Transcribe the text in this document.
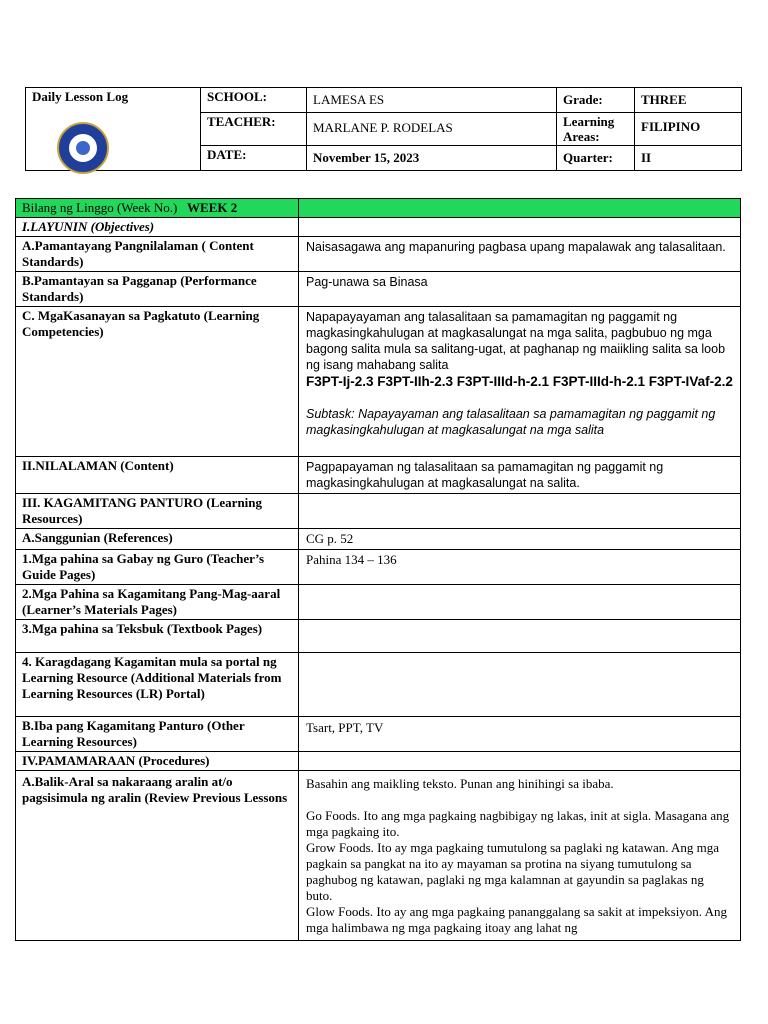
Daily Lesson Log	SCHOOL:	LAMESA ES	Grade:	THREE
	TEACHER:	MARLANE P. RODELAS	Learning Areas:	FILIPINO
	DATE:	November 15, 2023	Quarter:	II
Bilang ng Linggo (Week No.) WEEK 2	
I.LAYUNIN (Objectives)	
A.Pamantayang Pangnilalaman ( Content Standards)	Naisasagawa ang mapanuring pagbasa upang mapalawak ang talasalitaan.
B.Pamantayan sa Pagganap (Performance Standards)	Pag-unawa sa Binasa
C. MgaKasanayan sa Pagkatuto (Learning Competencies)	Napapayayaman ang talasalitaan sa pamamagitan ng paggamit ng magkasingkahulugan at magkasalungat na mga salita, pagbubuo ng mga bagong salita mula sa salitang-ugat, at paghanap ng maiikling salita sa loob ng isang mahabang salita
F3PT-Ij-2.3 F3PT-IIh-2.3 F3PT-IIId-h-2.1 F3PT-IIId-h-2.1 F3PT-IVaf-2.2
Subtask: Napayayaman ang talasalitaan sa pamamagitan ng paggamit ng magkasingkahulugan at magkasalungat na mga salita

II.NILALAMAN (Content)	Pagpapayaman ng talasalitaan sa pamamagitan ng paggamit ng magkasingkahulugan at magkasalungat na salita.
III. KAGAMITANG PANTURO (Learning Resources)	
A.Sanggunian (References)	CG p. 52
1.Mga pahina sa Gabay ng Guro (Teacher’s Guide Pages)	Pahina 134 – 136
2.Mga Pahina sa Kagamitang Pang-Mag-aaral (Learner’s Materials Pages)	
3.Mga pahina sa Teksbuk (Textbook Pages)	
4. Karagdagang Kagamitan mula sa portal ng Learning Resource (Additional Materials from Learning Resources (LR) Portal)	
B.Iba pang Kagamitang Panturo (Other Learning Resources)	Tsart, PPT, TV
IV.PAMAMARAAN (Procedures)	
A.Balik-Aral sa nakaraang aralin at/o pagsisimula ng aralin (Review Previous Lessons	Basahin ang maikling teksto. Punan ang hinihingi sa ibaba.
Go Foods. Ito ang mga pagkaing nagbibigay ng lakas, init at sigla. Masagana ang mga pagkaing ito.
Grow Foods. Ito ay mga pagkaing tumutulong sa paglaki ng katawan. Ang mga pagkain sa pangkat na ito ay mayaman sa protina na siyang tumutulong sa paghubog ng katawan, paglaki ng mga kalamnan at gayundin sa paglakas ng buto.
Glow Foods. Ito ay ang mga pagkaing pananggalang sa sakit at impeksiyon. Ang mga halimbawa ng mga pagkaing itoay ang lahat ng
